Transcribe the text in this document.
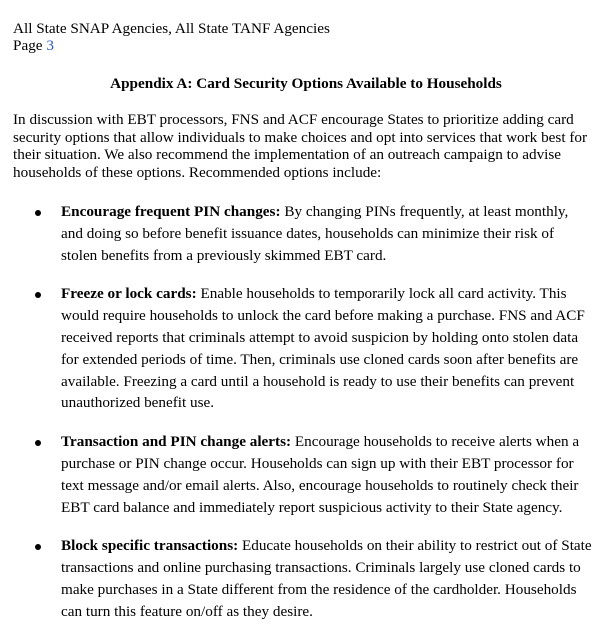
All State SNAP Agencies, All State TANF Agencies
Page 3
Appendix A: Card Security Options Available to Households
In discussion with EBT processors, FNS and ACF encourage States to prioritize adding card security options that allow individuals to make choices and opt into services that work best for their situation. We also recommend the implementation of an outreach campaign to advise households of these options. Recommended options include:
Encourage frequent PIN changes: By changing PINs frequently, at least monthly, and doing so before benefit issuance dates, households can minimize their risk of stolen benefits from a previously skimmed EBT card.
Freeze or lock cards: Enable households to temporarily lock all card activity. This would require households to unlock the card before making a purchase. FNS and ACF received reports that criminals attempt to avoid suspicion by holding onto stolen data for extended periods of time. Then, criminals use cloned cards soon after benefits are available. Freezing a card until a household is ready to use their benefits can prevent unauthorized benefit use.
Transaction and PIN change alerts: Encourage households to receive alerts when a purchase or PIN change occur. Households can sign up with their EBT processor for text message and/or email alerts. Also, encourage households to routinely check their EBT card balance and immediately report suspicious activity to their State agency.
Block specific transactions: Educate households on their ability to restrict out of State transactions and online purchasing transactions. Criminals largely use cloned cards to make purchases in a State different from the residence of the cardholder. Households can turn this feature on/off as they desire.
